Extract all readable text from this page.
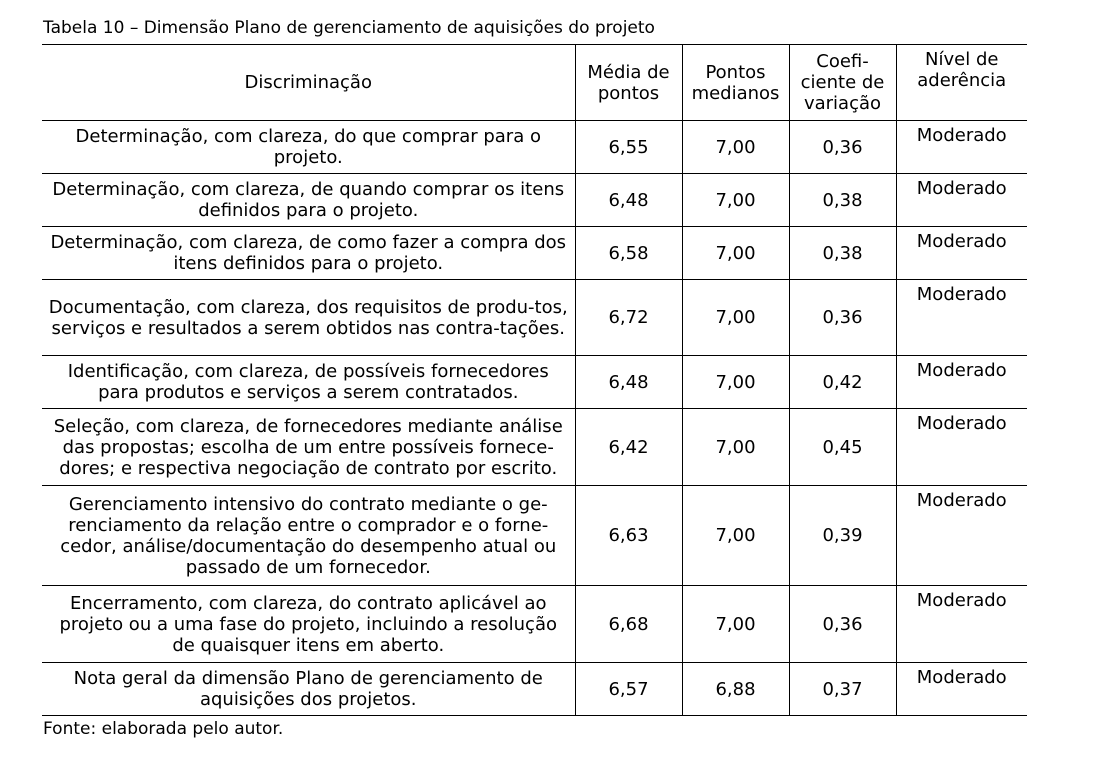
Tabela 10 – Dimensão Plano de gerenciamento de aquisições do projeto
Discriminação	Média de pontos	Pontos medianos	Coefi-ciente de variação	Nível de aderência
Determinação, com clareza, do que comprar para o projeto.	6,55	7,00	0,36	Moderado
Determinação, com clareza, de quando comprar os itens definidos para o projeto.	6,48	7,00	0,38	Moderado
Determinação, com clareza, de como fazer a compra dos itens definidos para o projeto.	6,58	7,00	0,38	Moderado
Documentação, com clareza, dos requisitos de produ-tos, serviços e resultados a serem obtidos nas contra-tações.	6,72	7,00	0,36	Moderado
Identificação, com clareza, de possíveis fornecedores para produtos e serviços a serem contratados.	6,48	7,00	0,42	Moderado
Seleção, com clareza, de fornecedores mediante análise das propostas; escolha de um entre possíveis fornece-dores; e respectiva negociação de contrato por escrito.	6,42	7,00	0,45	Moderado
Gerenciamento intensivo do contrato mediante o ge-renciamento da relação entre o comprador e o forne-cedor, análise/documentação do desempenho atual ou passado de um fornecedor.	6,63	7,00	0,39	Moderado
Encerramento, com clareza, do contrato aplicável ao projeto ou a uma fase do projeto, incluindo a resolução de quaisquer itens em aberto.	6,68	7,00	0,36	Moderado
Nota geral da dimensão Plano de gerenciamento de aquisições dos projetos.	6,57	6,88	0,37	Moderado
Fonte: elaborada pelo autor.
